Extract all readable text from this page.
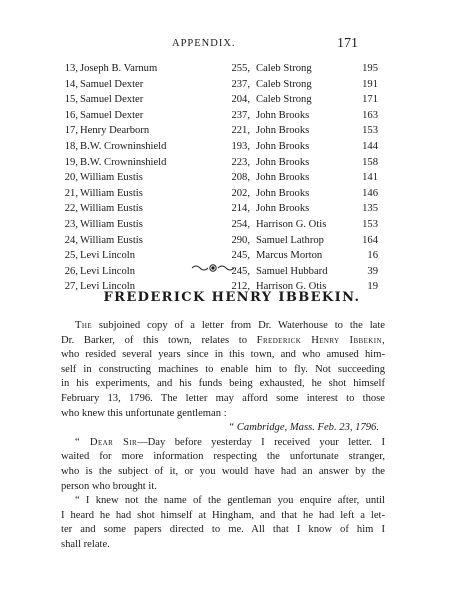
APPENDIX.	171
13, Joseph B. Varnum	255, Caleb Strong	195
14, Samuel Dexter	237, Caleb Strong	191
15, Samuel Dexter	204, Caleb Strong	171
16, Samuel Dexter	237, John Brooks	163
17, Henry Dearborn	221, John Brooks	153
18, B.W. Crowninshield	193, John Brooks	144
19, B.W. Crowninshield	223, John Brooks	158
20, William Eustis	208, John Brooks	141
21, William Eustis	202, John Brooks	146
22, William Eustis	214, John Brooks	135
23, William Eustis	254, Harrison G. Otis	153
24, William Eustis	290, Samuel Lathrop	164
25, Levi Lincoln	245, Marcus Morton	16
26, Levi Lincoln	245, Samuel Hubbard	39
27, Levi Lincoln	212, Harrison G. Otis	19
FREDERICK HENRY IBBEKIN.
The subjoined copy of a letter from Dr. Waterhouse to the late
Dr. Barker, of this town, relates to Frederick Henry Ibbekin,
who resided several years since in this town, and who amused him-
self in constructing machines to enable him to fly. Not succeeding
in his experiments, and his funds being exhausted, he shot himself
February 13, 1796. The letter may afford some interest to those
who knew this unfortunate gentleman :
“ Cambridge, Mass. Feb. 23, 1796.
“ Dear Sir—Day before yesterday I received your letter. I
waited for more information respecting the unfortunate stranger,
who is the subject of it, or you would have had an answer by the
person who brought it.
“ I knew not the name of the gentleman you enquire after, until
I heard he had shot himself at Hingham, and that he had left a let-
ter and some papers directed to me. All that I know of him I
shall relate.
